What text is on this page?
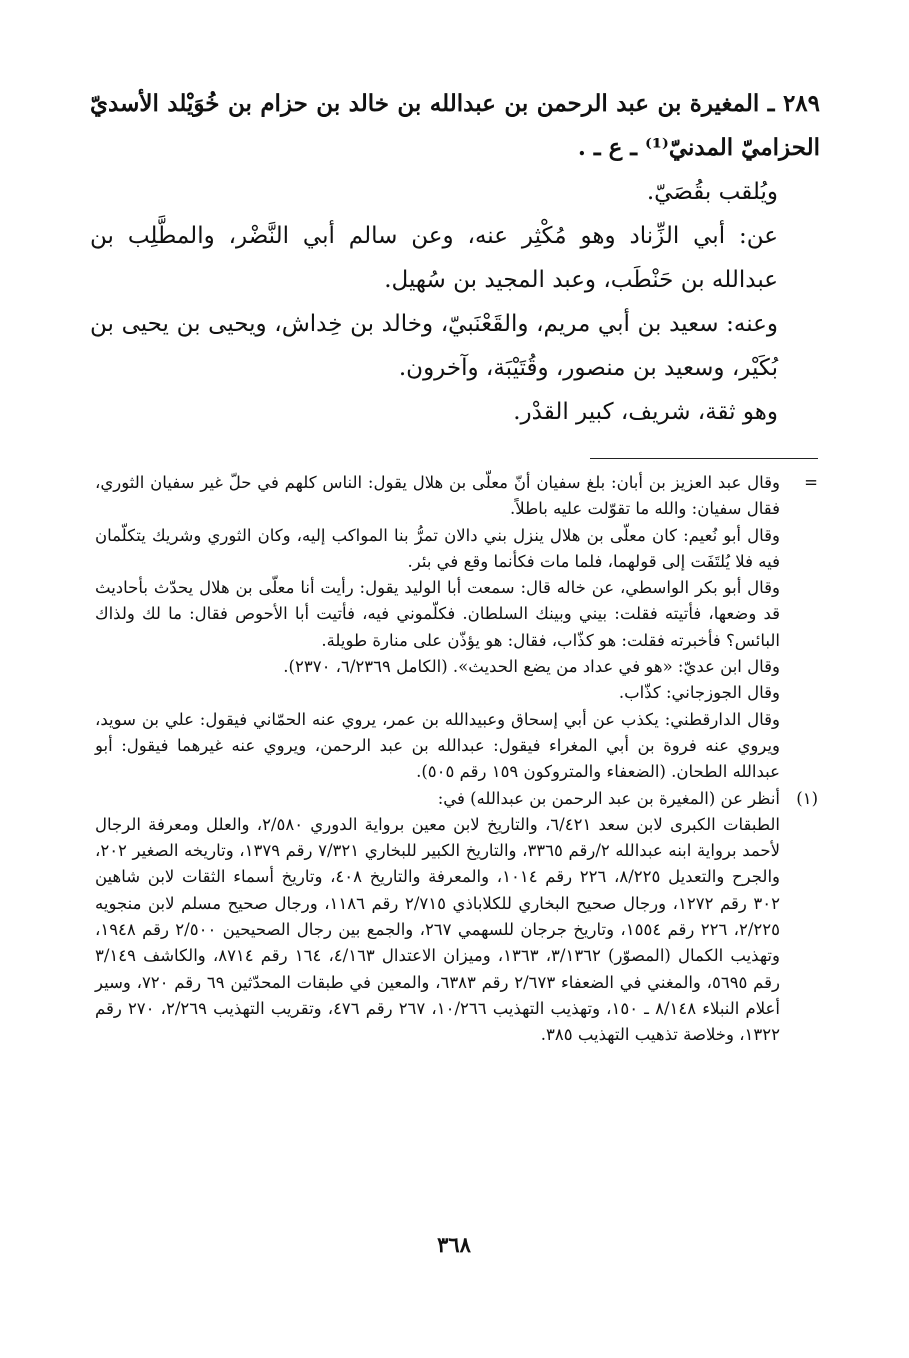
٢٨٩ ـ المغيرة بن عبد الرحمن بن عبدالله بن خالد بن حزام بن خُوَيْلد الأسديّ الحزاميّ المدنيّ⁽¹⁾ ـ ع ـ .

ويُلقب بقُصَيّ.

عن: أبي الزِّناد وهو مُكْثِر عنه، وعن سالم أبي النَّضْر، والمطَّلِب بن عبدالله بن حَنْطَب، وعبد المجيد بن سُهيل.

وعنه: سعيد بن أبي مريم، والقَعْنَبيّ، وخالد بن خِداش، ويحيى بن يحيى بن بُكَيْر، وسعيد بن منصور، وقُتَيْبَة، وآخرون.

وهو ثقة، شريف، كبير القدْر.

=

وقال عبد العزيز بن أبان: بلغ سفيان أنّ معلّى بن هلال يقول: الناس كلهم في حلّ غير سفيان الثوري، فقال سفيان: والله ما تقوّلت عليه باطلاً.

وقال أبو نُعيم: كان معلّى بن هلال ينزل بني دالان تمرُّ بنا المواكب إليه، وكان الثوري وشريك يتكلّمان فيه فلا يُلتَفَت إلى قولهما، فلما مات فكأنما وقع في بئر.

وقال أبو بكر الواسطي، عن خاله قال: سمعت أبا الوليد يقول: رأيت أنا معلّى بن هلال يحدّث بأحاديث قد وضعها، فأتيته فقلت: بيني وبينك السلطان. فكلّموني فيه، فأتيت أبا الأحوص فقال: ما لك ولذاك البائس؟ فأخبرته فقلت: هو كذّاب، فقال: هو يؤذّن على منارة طويلة.

وقال ابن عديّ: «هو في عداد من يضع الحديث». (الكامل ٦/٢٣٦٩، ٢٣٧٠).

وقال الجوزجاني: كذّاب.

وقال الدارقطني: يكذب عن أبي إسحاق وعبيدالله بن عمر، يروي عنه الحمّاني فيقول: علي بن سويد، ويروي عنه فروة بن أبي المغراء فيقول: عبدالله بن عبد الرحمن، ويروي عنه غيرهما فيقول: أبو عبدالله الطحان. (الضعفاء والمتروكون ١٥٩ رقم ٥٠٥).

(١)

أنظر عن (المغيرة بن عبد الرحمن بن عبدالله) في:

الطبقات الكبرى لابن سعد ٦/٤٢١، والتاريخ لابن معين برواية الدوري ٢/٥٨٠، والعلل ومعرفة الرجال لأحمد برواية ابنه عبدالله ٢/رقم ٣٣٦٥، والتاريخ الكبير للبخاري ٧/٣٢١ رقم ١٣٧٩، وتاريخه الصغير ٢٠٢، والجرح والتعديل ٨/٢٢٥، ٢٢٦ رقم ١٠١٤، والمعرفة والتاريخ ٤٠٨، وتاريخ أسماء الثقات لابن شاهين ٣٠٢ رقم ١٢٧٢، ورجال صحيح البخاري للكلاباذي ٢/٧١٥ رقم ١١٨٦، ورجال صحيح مسلم لابن منجويه ٢/٢٢٥، ٢٢٦ رقم ١٥٥٤، وتاريخ جرجان للسهمي ٢٦٧، والجمع بين رجال الصحيحين ٢/٥٠٠ رقم ١٩٤٨، وتهذيب الكمال (المصوّر) ٣/١٣٦٢، ١٣٦٣، وميزان الاعتدال ٤/١٦٣، ١٦٤ رقم ٨٧١٤، والكاشف ٣/١٤٩ رقم ٥٦٩٥، والمغني في الضعفاء ٢/٦٧٣ رقم ٦٣٨٣، والمعين في طبقات المحدّثين ٦٩ رقم ٧٢٠، وسير أعلام النبلاء ٨/١٤٨ ـ ١٥٠، وتهذيب التهذيب ١٠/٢٦٦، ٢٦٧ رقم ٤٧٦، وتقريب التهذيب ٢/٢٦٩، ٢٧٠ رقم ١٣٢٢، وخلاصة تذهيب التهذيب ٣٨٥.

٣٦٨
